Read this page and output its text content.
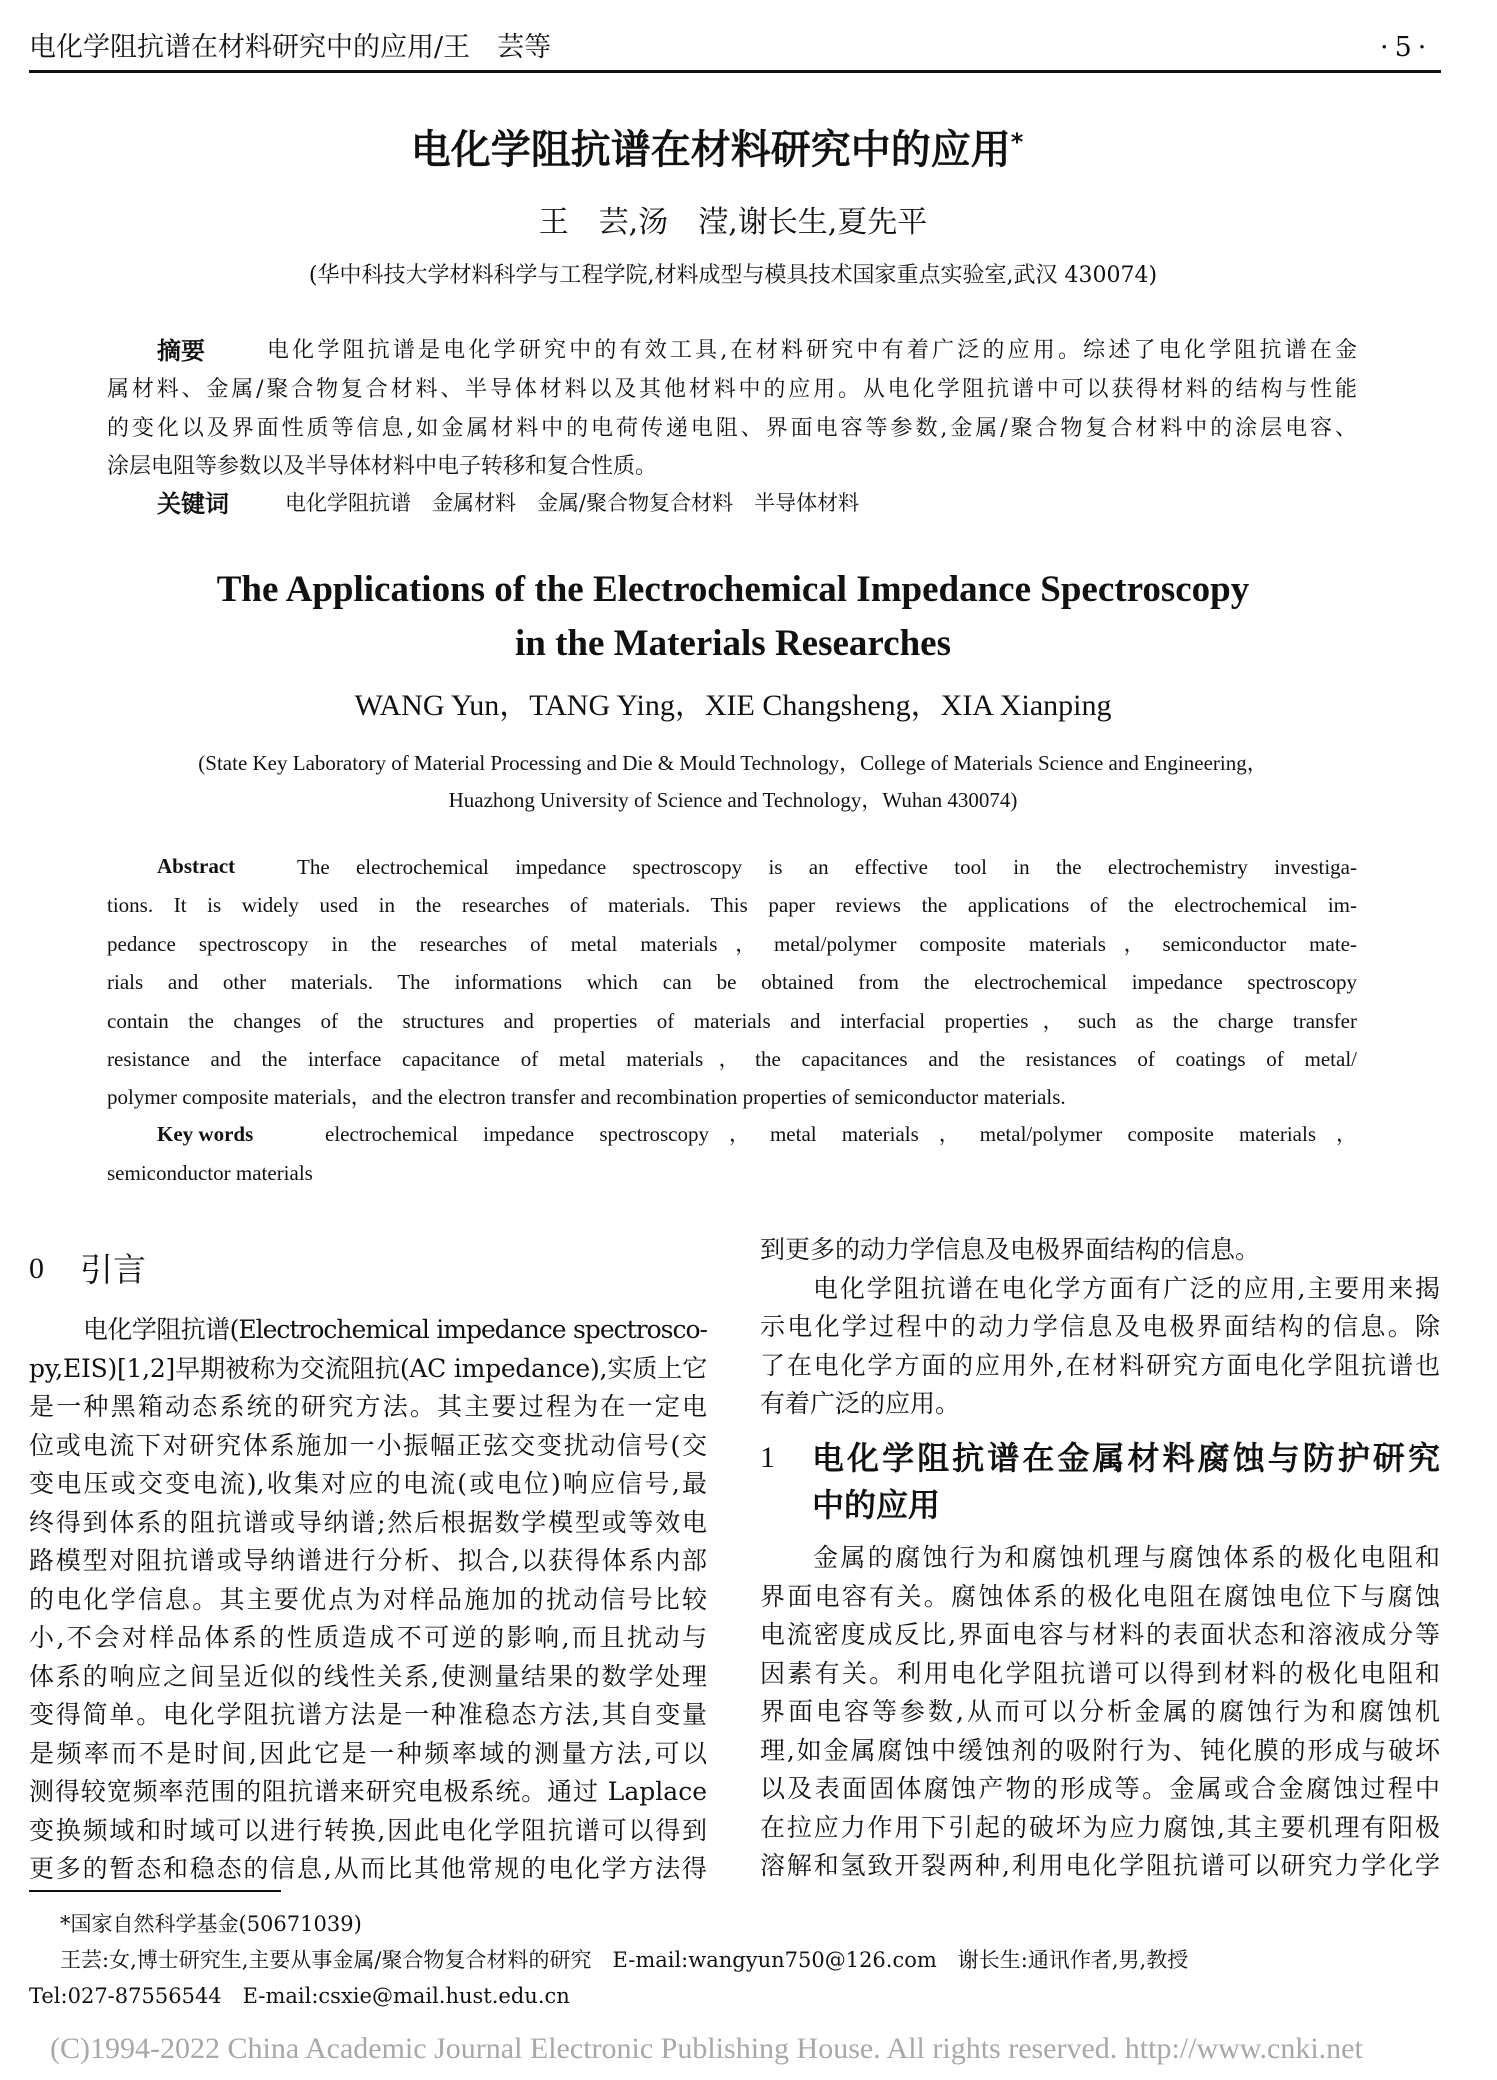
电化学阻抗谱在材料研究中的应用/王　芸等	·5·
电化学阻抗谱在材料研究中的应用*
王　芸,汤　滢,谢长生,夏先平
(华中科技大学材料科学与工程学院,材料成型与模具技术国家重点实验室,武汉 430074)
摘要	电化学阻抗谱是电化学研究中的有效工具,在材料研究中有着广泛的应用。综述了电化学阻抗谱在金
属材料、金属/聚合物复合材料、半导体材料以及其他材料中的应用。从电化学阻抗谱中可以获得材料的结构与性能
的变化以及界面性质等信息,如金属材料中的电荷传递电阻、界面电容等参数,金属/聚合物复合材料中的涂层电容、
涂层电阻等参数以及半导体材料中电子转移和复合性质。
关键词	电化学阻抗谱　金属材料　金属/聚合物复合材料　半导体材料
The Applications of the Electrochemical Impedance Spectroscopy
in the Materials Researches
WANG Yun，TANG Ying，XIE Changsheng，XIA Xianping
(State Key Laboratory of Material Processing and Die & Mould Technology，College of Materials Science and Engineering，
Huazhong University of Science and Technology，Wuhan 430074)
Abstract	The electrochemical impedance spectroscopy is an effective tool in the electrochemistry investiga-
tions. It is widely used in the researches of materials. This paper reviews the applications of the electrochemical im-
pedance spectroscopy in the researches of metal materials，metal/polymer composite materials，semiconductor mate-
rials and other materials. The informations which can be obtained from the electrochemical impedance spectroscopy
contain the changes of the structures and properties of materials and interfacial properties，such as the charge transfer
resistance and the interface capacitance of metal materials，the capacitances and the resistances of coatings of metal/
polymer composite materials，and the electron transfer and recombination properties of semiconductor materials.
Key words	electrochemical impedance spectroscopy，metal materials，metal/polymer composite materials，
semiconductor materials
0 引言
电化学阻抗谱(Electrochemical impedance spectrosco-
py,EIS)[1,2]早期被称为交流阻抗(AC impedance),实质上它
是一种黑箱动态系统的研究方法。其主要过程为在一定电
位或电流下对研究体系施加一小振幅正弦交变扰动信号(交
变电压或交变电流),收集对应的电流(或电位)响应信号,最
终得到体系的阻抗谱或导纳谱;然后根据数学模型或等效电
路模型对阻抗谱或导纳谱进行分析、拟合,以获得体系内部
的电化学信息。其主要优点为对样品施加的扰动信号比较
小,不会对样品体系的性质造成不可逆的影响,而且扰动与
体系的响应之间呈近似的线性关系,使测量结果的数学处理
变得简单。电化学阻抗谱方法是一种准稳态方法,其自变量
是频率而不是时间,因此它是一种频率域的测量方法,可以
测得较宽频率范围的阻抗谱来研究电极系统。通过 Laplace
变换频域和时域可以进行转换,因此电化学阻抗谱可以得到
更多的暂态和稳态的信息,从而比其他常规的电化学方法得
到更多的动力学信息及电极界面结构的信息。
电化学阻抗谱在电化学方面有广泛的应用,主要用来揭
示电化学过程中的动力学信息及电极界面结构的信息。除
了在电化学方面的应用外,在材料研究方面电化学阻抗谱也
有着广泛的应用。
1 电化学阻抗谱在金属材料腐蚀与防护研究
中的应用
金属的腐蚀行为和腐蚀机理与腐蚀体系的极化电阻和
界面电容有关。腐蚀体系的极化电阻在腐蚀电位下与腐蚀
电流密度成反比,界面电容与材料的表面状态和溶液成分等
因素有关。利用电化学阻抗谱可以得到材料的极化电阻和
界面电容等参数,从而可以分析金属的腐蚀行为和腐蚀机
理,如金属腐蚀中缓蚀剂的吸附行为、钝化膜的形成与破坏
以及表面固体腐蚀产物的形成等。金属或合金腐蚀过程中
在拉应力作用下引起的破坏为应力腐蚀,其主要机理有阳极
溶解和氢致开裂两种,利用电化学阻抗谱可以研究力学化学
*国家自然科学基金(50671039)
王芸:女,博士研究生,主要从事金属/聚合物复合材料的研究　E-mail:wangyun750@126.com　谢长生:通讯作者,男,教授
Tel:027-87556544　E-mail:csxie@mail.hust.edu.cn
(C)1994-2022 China Academic Journal Electronic Publishing House. All rights reserved. http://www.cnki.net
